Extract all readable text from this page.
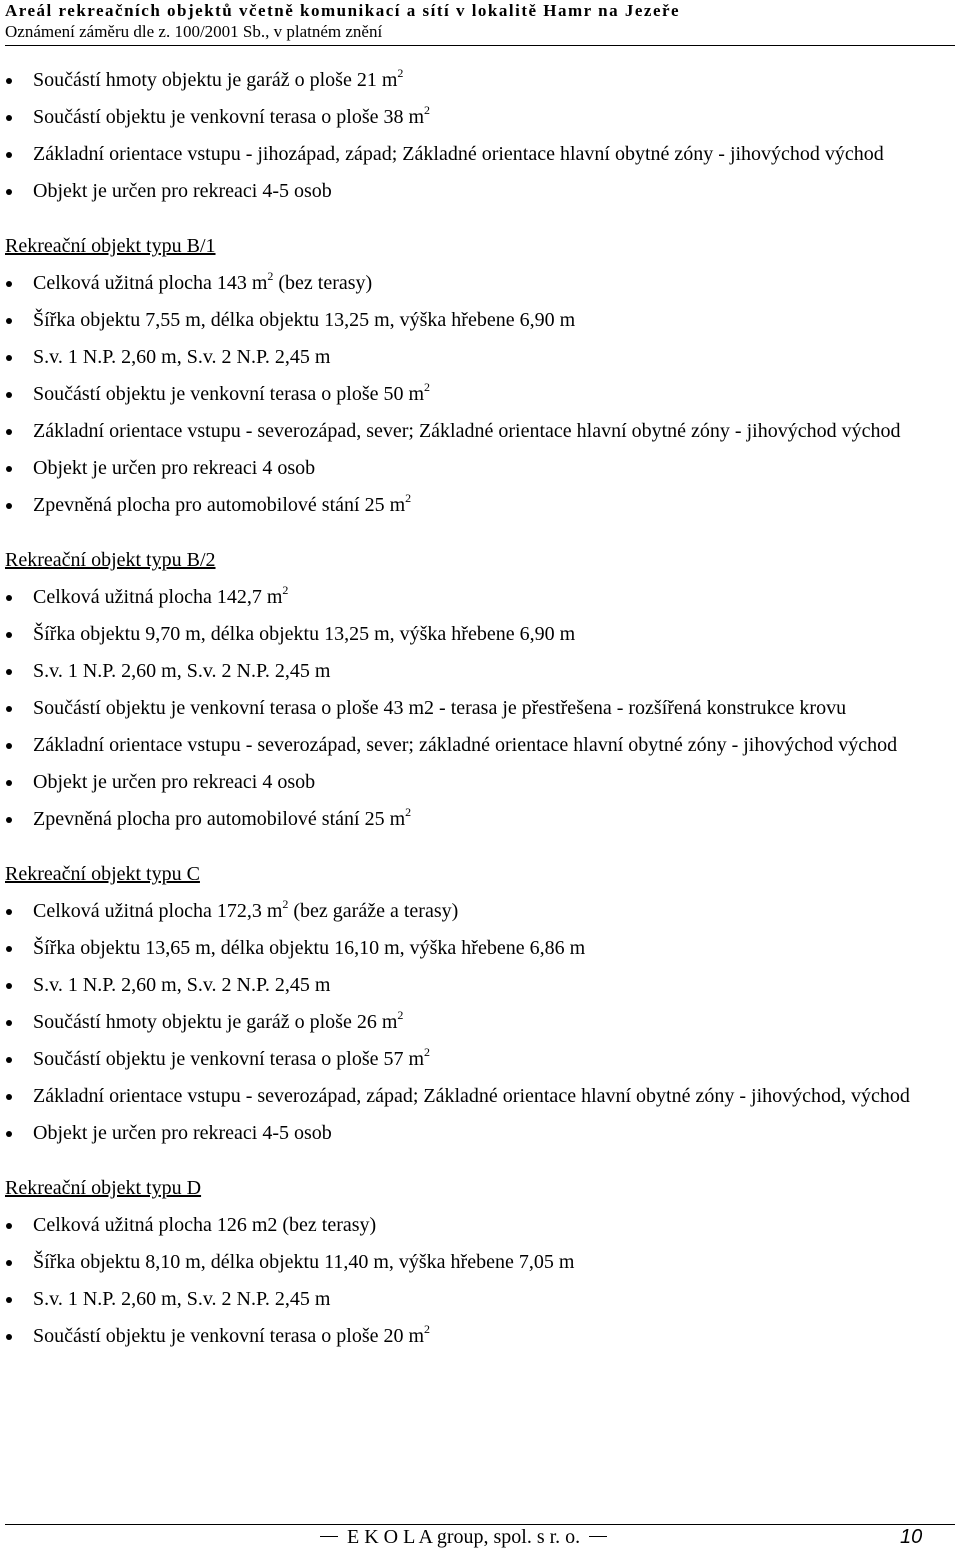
Areál rekreačních objektů včetně komunikací a sítí v lokalitě Hamr na Jezeře
Oznámení záměru dle z. 100/2001 Sb., v platném znění
Součástí hmoty objektu je garáž o ploše 21 $m^2$
Součástí objektu je venkovní terasa o ploše 38 $m^2$
Základní orientace vstupu - jihozápad, západ; Základné orientace hlavní obytné zóny - jihovýchod východ
Objekt je určen pro rekreaci 4-5 osob
Rekreační objekt typu B/1
Celková užitná plocha 143 $m^2$ (bez terasy)
Šířka objektu 7,55 m, délka objektu 13,25 m, výška hřebene 6,90 m
S.v. 1 N.P. 2,60 m, S.v. 2 N.P. 2,45 m
Součástí objektu je venkovní terasa o ploše 50 $m^2$
Základní orientace vstupu - severozápad, sever; Základné orientace hlavní obytné zóny - jihovýchod východ
Objekt je určen pro rekreaci 4 osob
Zpevněná plocha pro automobilové stání 25 $m^2$
Rekreační objekt typu B/2
Celková užitná plocha 142,7 $m^2$
Šířka objektu 9,70 m, délka objektu 13,25 m, výška hřebene 6,90 m
S.v. 1 N.P. 2,60 m, S.v. 2 N.P. 2,45 m
Součástí objektu je venkovní terasa o ploše 43 m2 - terasa je přestřešena - rozšířená konstrukce krovu
Základní orientace vstupu - severozápad, sever; základné orientace hlavní obytné zóny - jihovýchod východ
Objekt je určen pro rekreaci 4 osob
Zpevněná plocha pro automobilové stání 25 $m^2$
Rekreační objekt typu C
Celková užitná plocha 172,3 $m^2$ (bez garáže a terasy)
Šířka objektu 13,65 m, délka objektu 16,10 m, výška hřebene 6,86 m
S.v. 1 N.P. 2,60 m, S.v. 2 N.P. 2,45 m
Součástí hmoty objektu je garáž o ploše 26 $m^2$
Součástí objektu je venkovní terasa o ploše 57 $m^2$
Základní orientace vstupu - severozápad, západ; Základné orientace hlavní obytné zóny - jihovýchod, východ
Objekt je určen pro rekreaci 4-5 osob
Rekreační objekt typu D
Celková užitná plocha 126 m2 (bez terasy)
Šířka objektu 8,10 m, délka objektu 11,40 m, výška hřebene 7,05 m
S.v. 1 N.P. 2,60 m, S.v. 2 N.P. 2,45 m
Součástí objektu je venkovní terasa o ploše 20 $m^2$
E K O L A group, spol. s r. o.	10
